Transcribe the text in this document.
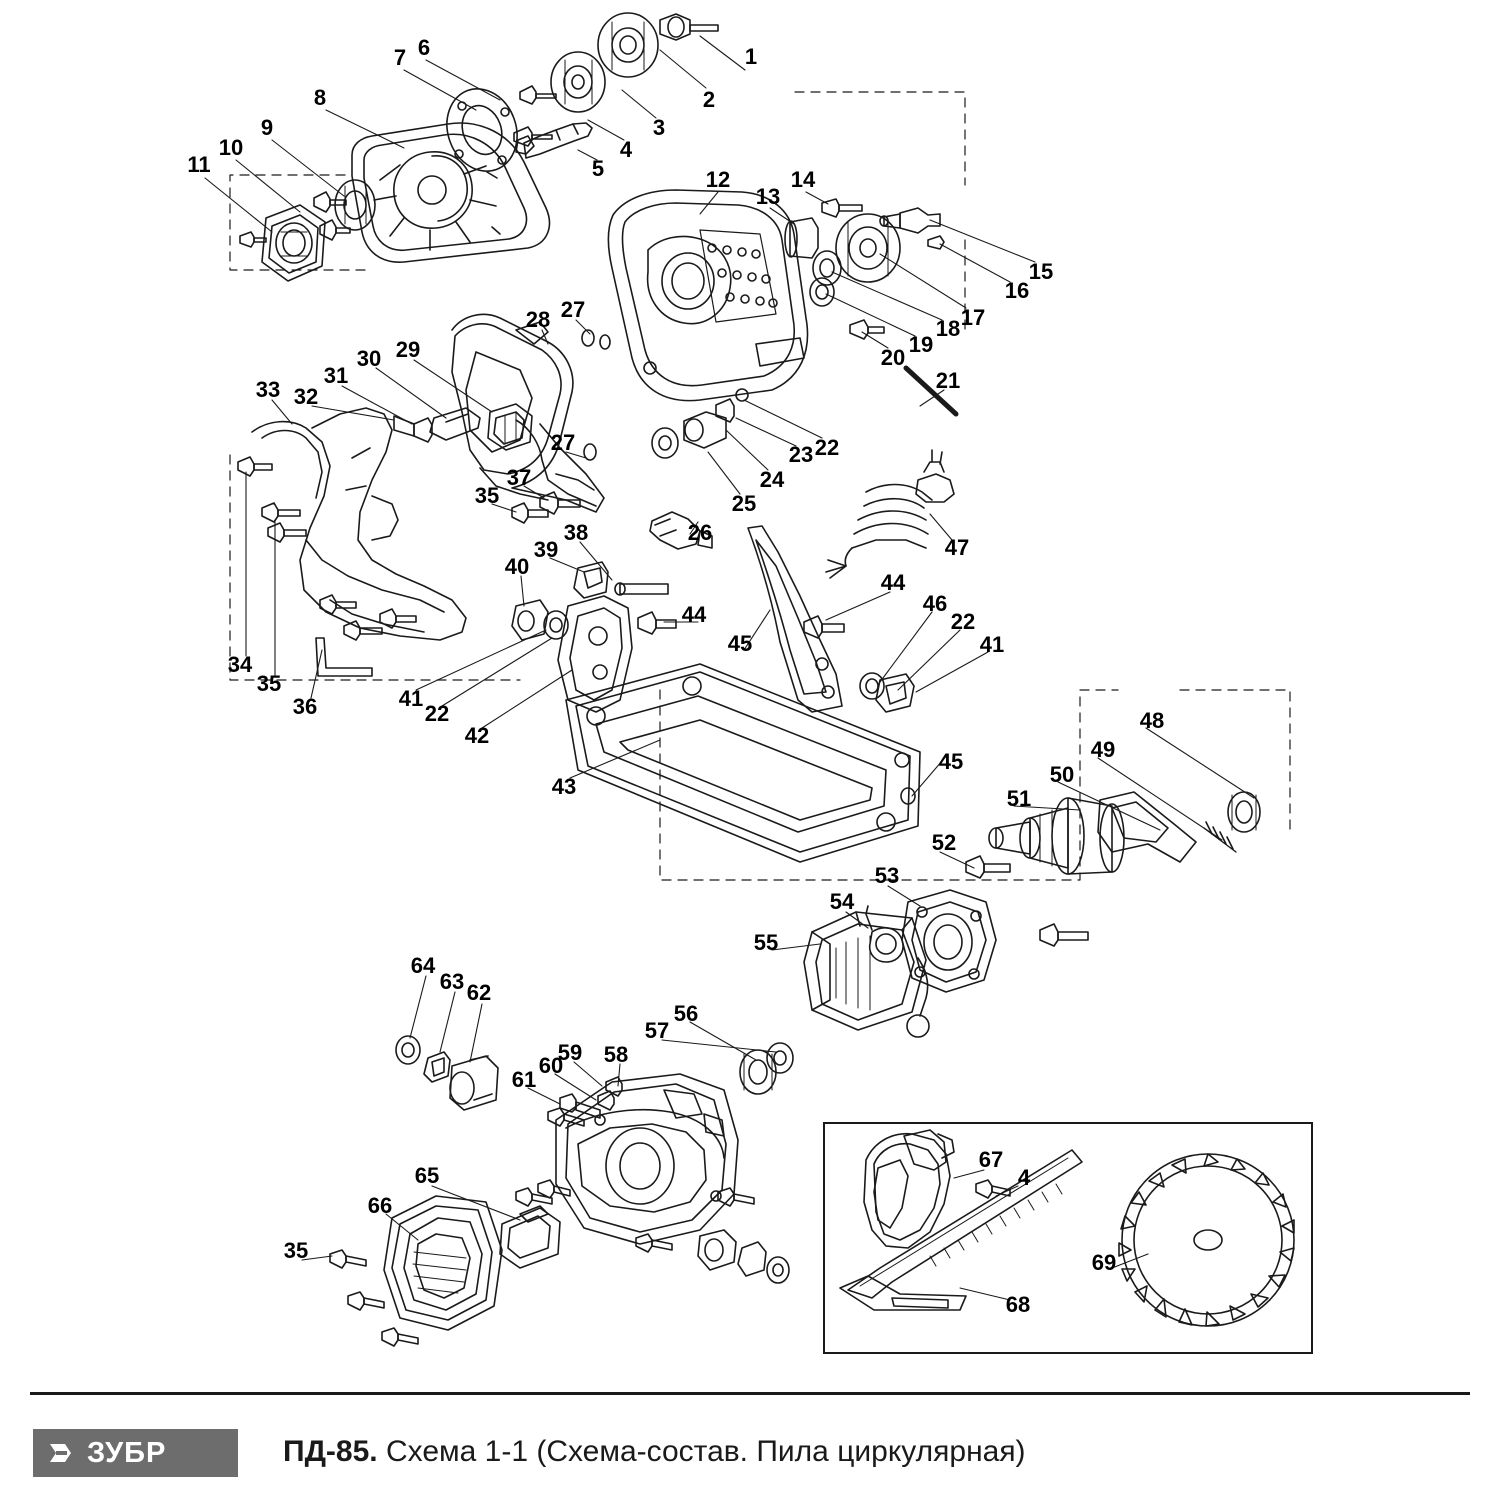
1
2
3
4
5
6
7
8
9
10
11
12
13
14
15
16
17
18
19
20
21
22
23
24
25
26
27
28
29
30
31
32
33
27
34
35
36
35
37
38
39
40
41
22
42
43
44
45
44
46
22
41
45
47
48
49
50
51
52
53
54
55
56
57
58
59
60
61
62
63
64
65
66
35
67
4
68
69
ЗУБР	ПД-85. Схема 1-1 (Схема-состав. Пила циркулярная)
